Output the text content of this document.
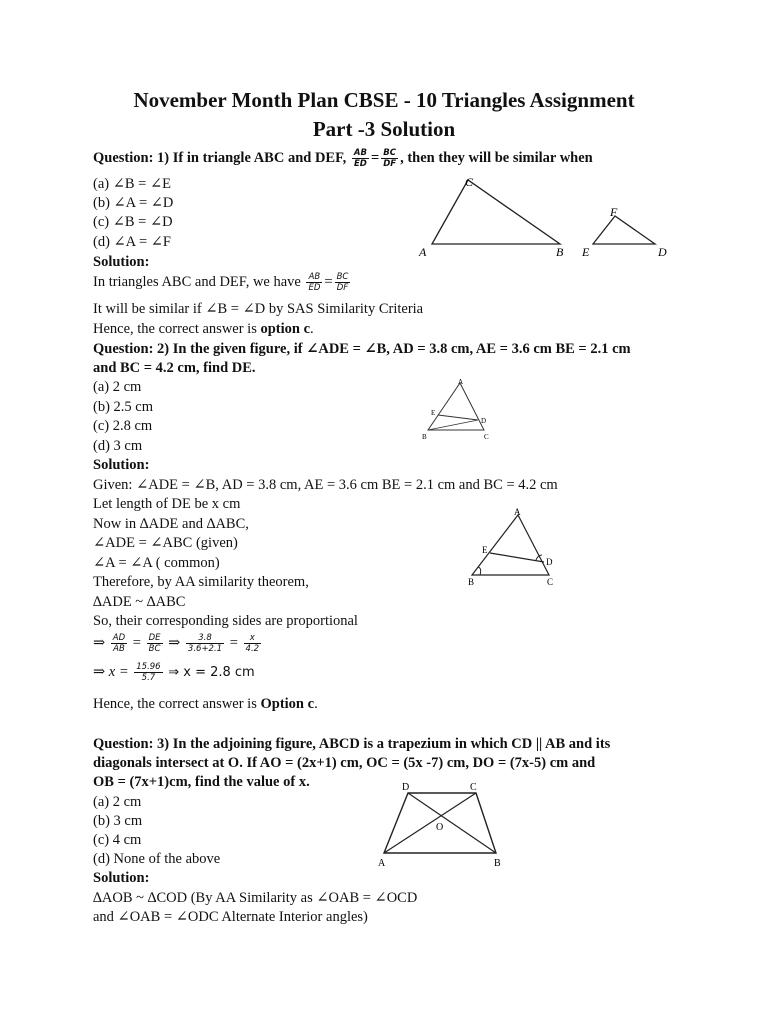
November Month Plan CBSE - 10 Triangles Assignment
Part -3 Solution
Question: 1) If in triangle ABC and DEF, $\frac{AB}{ED} = \frac{BC}{DF}$ , then they will be similar when
(a) ∠B = ∠E
(b) ∠A = ∠D
(c) ∠B = ∠D
(d) ∠A = ∠F
Solution:
In triangles ABC and DEF, we have $\frac{AB}{ED} = \frac{BC}{DF}$
It will be similar if ∠B = ∠D by SAS Similarity Criteria
Hence, the correct answer is option c.
C
A	B
F
E	D
Question: 2) In the given figure, if ∠ADE = ∠B, AD = 3.8 cm, AE = 3.6 cm BE = 2.1 cm
and BC = 4.2 cm, find DE.
(a) 2 cm
(b) 2.5 cm
(c) 2.8 cm
(d) 3 cm
Solution:
Given: ∠ADE = ∠B, AD = 3.8 cm, AE = 3.6 cm BE = 2.1 cm and BC = 4.2 cm
Let length of DE be x cm
Now in ∆ADE and ∆ABC,
∠ADE = ∠ABC (given)
∠A = ∠A ( common)
Therefore, by AA similarity theorem,
∆ADE ~ ∆ABC
So, their corresponding sides are proportional
⇒ $\frac{AD}{AB} = \frac{DE}{BC}$ ⇒ $\frac{3.8}{3.6+2.1} = \frac{x}{4.2}$
⇒ $x = \frac{15.96}{5.7}$ ⇒ x = 2.8 cm
Hence, the correct answer is Option c.
A
E
D
B	C
A
E
D
B	C
Question: 3) In the adjoining figure, ABCD is a trapezium in which CD || AB and its
diagonals intersect at O. If AO = (2x+1) cm, OC = (5x -7) cm, DO = (7x-5) cm and
OB = (7x+1)cm, find the value of x.
(a) 2 cm
(b) 3 cm
(c) 4 cm
(d) None of the above
Solution:
∆AOB ~ ∆COD (By AA Similarity as ∠OAB = ∠OCD
and ∠OAB = ∠ODC Alternate Interior angles)
D	C
O
A	B
